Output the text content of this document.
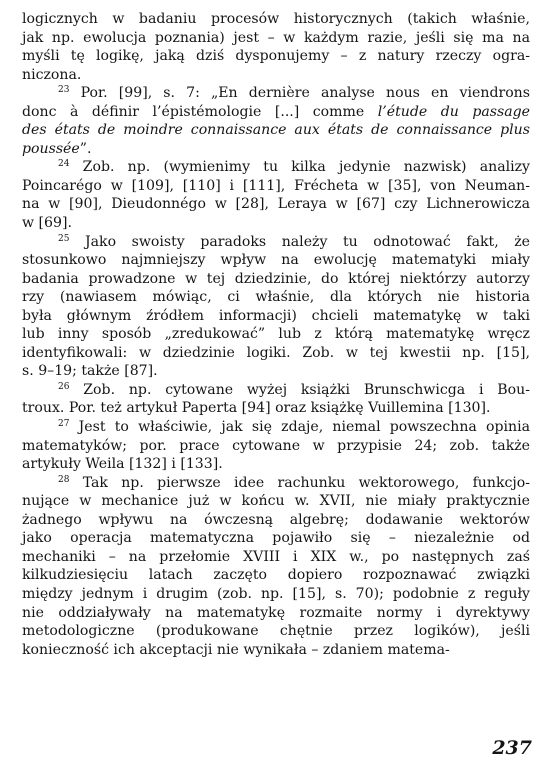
logicznych w badaniu procesów historycznych (takich właśnie,
jak np. ewolucja poznania) jest – w każdym razie, jeśli się ma na
myśli tę logikę, jaką dziś dysponujemy – z natury rzeczy ogra-
niczona.
$^{23}$ Por. [99], s. 7: „En dernière analyse nous en viendrons
donc à définir l’épistémologie [...] comme l’étude du passage
des états de moindre connaissance aux états de connaissance plus
poussée”.
$^{24}$ Zob. np. (wymienimy tu kilka jedynie nazwisk) analizy
Poincarégo w [109], [110] i [111], Frécheta w [35], von Neuman-
na w [90], Dieudonnégo w [28], Leraya w [67] czy Lichnerowicza
w [69].
$^{25}$ Jako swoisty paradoks należy tu odnotować fakt, że
stosunkowo najmniejszy wpływ na ewolucję matematyki miały
badania prowadzone w tej dziedzinie, do której niektórzy autorzy
rzy (nawiasem mówiąc, ci właśnie, dla których nie historia
była głównym źródłem informacji) chcieli matematykę w taki
lub inny sposób „zredukować” lub z którą matematykę wręcz
identyfikowali: w dziedzinie logiki. Zob. w tej kwestii np. [15],
s. 9–19; także [87].
$^{26}$ Zob. np. cytowane wyżej książki Brunschwicga i Bou-
troux. Por. też artykuł Paperta [94] oraz książkę Vuillemina [130].
$^{27}$ Jest to właściwie, jak się zdaje, niemal powszechna opinia
matematyków; por. prace cytowane w przypisie 24; zob. także
artykuły Weila [132] i [133].
$^{28}$ Tak np. pierwsze idee rachunku wektorowego, funkcjo-
nujące w mechanice już w końcu w. XVII, nie miały praktycznie
żadnego wpływu na ówczesną algebrę; dodawanie wektorów
jako operacja matematyczna pojawiło się – niezależnie od
mechaniki – na przełomie XVIII i XIX w., po następnych zaś
kilkudziesięciu latach zaczęto dopiero rozpoznawać związki
między jednym i drugim (zob. np. [15], s. 70); podobnie z reguły
nie oddziaływały na matematykę rozmaite normy i dyrektywy
metodologiczne (produkowane chętnie przez logików), jeśli
konieczność ich akceptacji nie wynikała – zdaniem matema-
237
